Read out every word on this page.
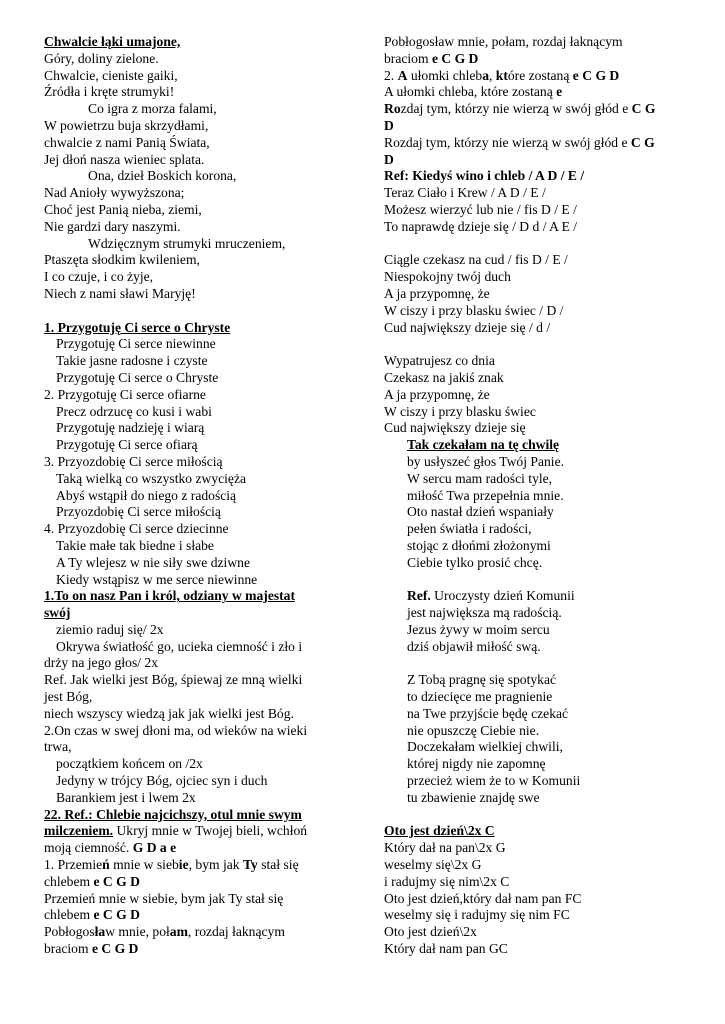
Chwalcie łąki umajone,
Góry, doliny zielone.
Chwalcie, cieniste gaiki,
Źródła i kręte strumyki!
Co igra z morza falami,
W powietrzu buja skrzydłami,
chwalcie z nami Panią Świata,
Jej dłoń nasza wieniec splata.
Ona, dzieł Boskich korona,
Nad Anioły wywyższona;
Choć jest Panią nieba, ziemi,
Nie gardzi dary naszymi.
Wdzięcznym strumyki mruczeniem,
Ptaszęta słodkim kwileniem,
I co czuje, i co żyje,
Niech z nami sławi Maryję!
1. Przygotuję Ci serce o Chryste
Przygotuję Ci serce niewinne
Takie jasne radosne i czyste
Przygotuję Ci serce o Chryste
2. Przygotuję Ci serce ofiarne
Precz odrzucę co kusi i wabi
Przygotuję nadzieję i wiarą
Przygotuję Ci serce ofiarą
3. Przyozdobię Ci serce miłością
Taką wielką co wszystko zwycięża
Abyś wstąpił do niego z radością
Przyozdobię Ci serce miłością
4. Przyozdobię Ci serce dziecinne
Takie małe tak biedne i słabe
A Ty wlejesz w nie siły swe dziwne
Kiedy wstąpisz w me serce niewinne
1.To on nasz Pan i król, odziany w majestat
swój
ziemio raduj się/ 2x
Okrywa światłość go, ucieka ciemność i zło i
drży na jego głos/ 2x
Ref. Jak wielki jest Bóg, śpiewaj ze mną wielki
jest Bóg,
niech wszyscy wiedzą jak jak wielki jest Bóg.
2.On czas w swej dłoni ma, od wieków na wieki
trwa,
początkiem końcem on /2x
Jedyny w trójcy Bóg, ojciec syn i duch
Barankiem jest i lwem 2x
22. Ref.: Chlebie najcichszy, otul mnie swym
milczeniem. Ukryj mnie w Twojej bieli, wchłoń
moją ciemność. G D a e
1. Przemień mnie w siebie, bym jak Ty stał się
chlebem e C G D
Przemień mnie w siebie, bym jak Ty stał się
chlebem e C G D
Pobłogosław mnie, połam, rozdaj łaknącym
braciom e C G D
Pobłogosław mnie, połam, rozdaj łaknącym
braciom e C G D
2. A ułomki chleba, które zostaną e C G D
A ułomki chleba, które zostaną e
Rozdaj tym, którzy nie wierzą w swój głód e C G
D
Rozdaj tym, którzy nie wierzą w swój głód e C G
D
Ref: Kiedyś wino i chleb / A D / E /
Teraz Ciało i Krew / A D / E /
Możesz wierzyć lub nie / fis D / E /
To naprawdę dzieje się / D d / A E /
Ciągle czekasz na cud / fis D / E /
Niespokojny twój duch
A ja przypomnę, że
W ciszy i przy blasku świec / D /
Cud największy dzieje się / d /
Wypatrujesz co dnia
Czekasz na jakiś znak
A ja przypomnę, że
W ciszy i przy blasku świec
Cud największy dzieje się
Tak czekałam na tę chwilę
by usłyszeć głos Twój Panie.
W sercu mam radości tyle,
miłość Twa przepełnia mnie.
Oto nastał dzień wspaniały
pełen światła i radości,
stojąc z dłońmi złożonymi
Ciebie tylko prosić chcę.
Ref. Uroczysty dzień Komunii
jest największa mą radością.
Jezus żywy w moim sercu
dziś objawił miłość swą.
Z Tobą pragnę się spotykać
to dziecięce me pragnienie
na Twe przyjście będę czekać
nie opuszczę Ciebie nie.
Doczekałam wielkiej chwili,
której nigdy nie zapomnę
przecież wiem że to w Komunii
tu zbawienie znajdę swe
Oto jest dzień\2x C
Który dał na pan\2x G
weselmy się\2x G
i radujmy się nim\2x C
Oto jest dzień,który dał nam pan FC
weselmy się i radujmy się nim FC
Oto jest dzień\2x
Który dał nam pan GC
